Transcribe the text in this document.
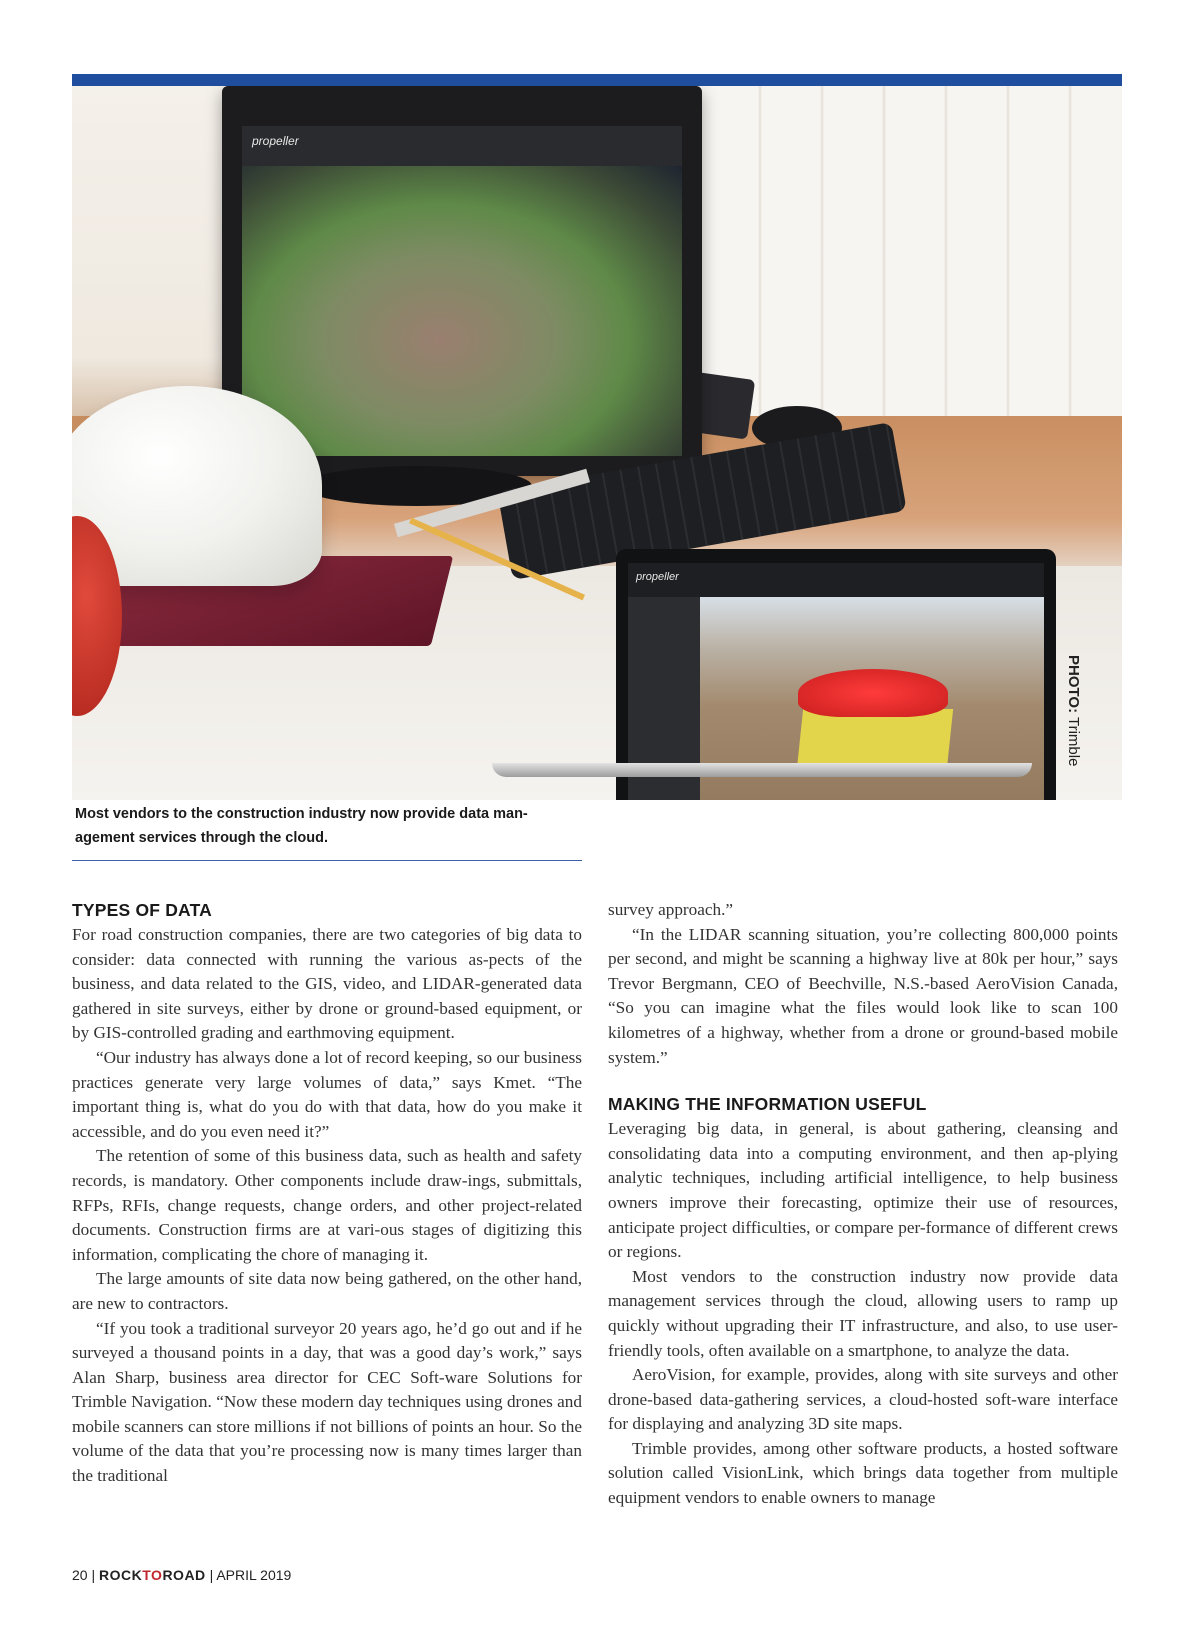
propeller
propeller
PHOTO: Trimble
Most vendors to the construction industry now provide data man-agement services through the cloud.
TYPES OF DATA

For road construction companies, there are two categories of big data to consider: data connected with running the various as-pects of the business, and data related to the GIS, video, and LIDAR-generated data gathered in site surveys, either by drone or ground-based equipment, or by GIS-controlled grading and earthmoving equipment.

“Our industry has always done a lot of record keeping, so our business practices generate very large volumes of data,” says Kmet. “The important thing is, what do you do with that data, how do you make it accessible, and do you even need it?”

The retention of some of this business data, such as health and safety records, is mandatory. Other components include draw-ings, submittals, RFPs, RFIs, change requests, change orders, and other project-related documents. Construction firms are at vari-ous stages of digitizing this information, complicating the chore of managing it.

The large amounts of site data now being gathered, on the other hand, are new to contractors.

“If you took a traditional surveyor 20 years ago, he’d go out and if he surveyed a thousand points in a day, that was a good day’s work,” says Alan Sharp, business area director for CEC Soft-ware Solutions for Trimble Navigation. “Now these modern day techniques using drones and mobile scanners can store millions if not billions of points an hour. So the volume of the data that you’re processing now is many times larger than the traditional

survey approach.”

“In the LIDAR scanning situation, you’re collecting 800,000 points per second, and might be scanning a highway live at 80k per hour,” says Trevor Bergmann, CEO of Beechville, N.S.-based AeroVision Canada, “So you can imagine what the files would look like to scan 100 kilometres of a highway, whether from a drone or ground-based mobile system.”

MAKING THE INFORMATION USEFUL

Leveraging big data, in general, is about gathering, cleansing and consolidating data into a computing environment, and then ap-plying analytic techniques, including artificial intelligence, to help business owners improve their forecasting, optimize their use of resources, anticipate project difficulties, or compare per-formance of different crews or regions.

Most vendors to the construction industry now provide data management services through the cloud, allowing users to ramp up quickly without upgrading their IT infrastructure, and also, to use user-friendly tools, often available on a smartphone, to analyze the data.

AeroVision, for example, provides, along with site surveys and other drone-based data-gathering services, a cloud-hosted soft-ware interface for displaying and analyzing 3D site maps.

Trimble provides, among other software products, a hosted software solution called VisionLink, which brings data together from multiple equipment vendors to enable owners to manage

20 | ROCKTOROAD | APRIL 2019
